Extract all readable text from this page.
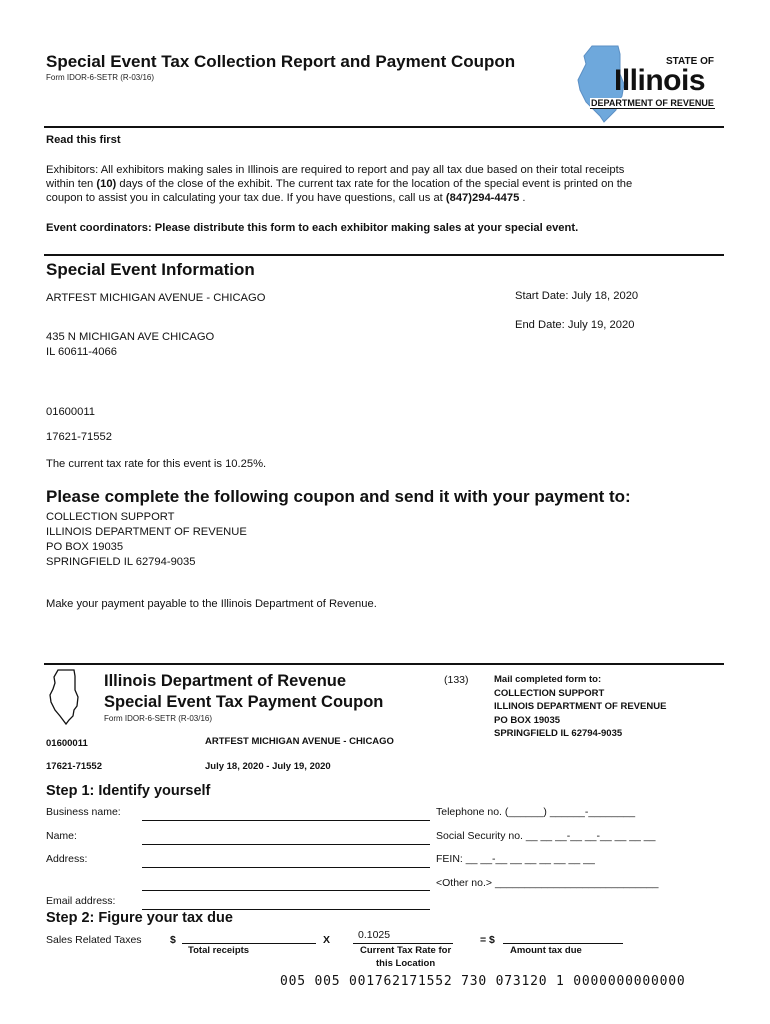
Special Event Tax Collection Report and Payment Coupon
Form IDOR-6-SETR (R-03/16)
STATE OF
Illinois
DEPARTMENT OF REVENUE
Read this first
Exhibitors: All exhibitors making sales in Illinois are required to report and pay all tax due based on their total receipts
within ten (10) days of the close of the exhibit. The current tax rate for the location of the special event is printed on the
coupon to assist you in calculating your tax due. If you have questions, call us at (847)294-4475 .
Event coordinators: Please distribute this form to each exhibitor making sales at your special event.
Special Event Information
ARTFEST MICHIGAN AVENUE - CHICAGO	Start Date: July 18, 2020
End Date: July 19, 2020
435 N MICHIGAN AVE CHICAGO
IL 60611-4066
01600011
17621-71552
The current tax rate for this event is 10.25%.
Please complete the following coupon and send it with your payment to:
COLLECTION SUPPORT
ILLINOIS DEPARTMENT OF REVENUE
PO BOX 19035
SPRINGFIELD IL 62794-9035
Make your payment payable to the Illinois Department of Revenue.
Illinois Department of Revenue
Special Event Tax Payment Coupon
Form IDOR-6-SETR (R-03/16)
(133)	Mail completed form to:
COLLECTION SUPPORT
ILLINOIS DEPARTMENT OF REVENUE
PO BOX 19035
SPRINGFIELD IL 62794-9035
01600011	ARTFEST MICHIGAN AVENUE - CHICAGO
17621-71552	July 18, 2020 - July 19, 2020
Step 1: Identify yourself
Business name:
Name:
Address:
Email address:
Telephone no. (______) ______-________
Social Security no. __ __ __-__ __-__ __ __ __
FEIN: __ __-__ __ __ __ __ __ __
<Other no.> ____________________________
Step 2: Figure your tax due
Sales Related Taxes	$
Total receipts
X	0.1025
Current Tax Rate for
this Location
= $
Amount tax due
005 005 001762171552 730 073120 1 0000000000000
